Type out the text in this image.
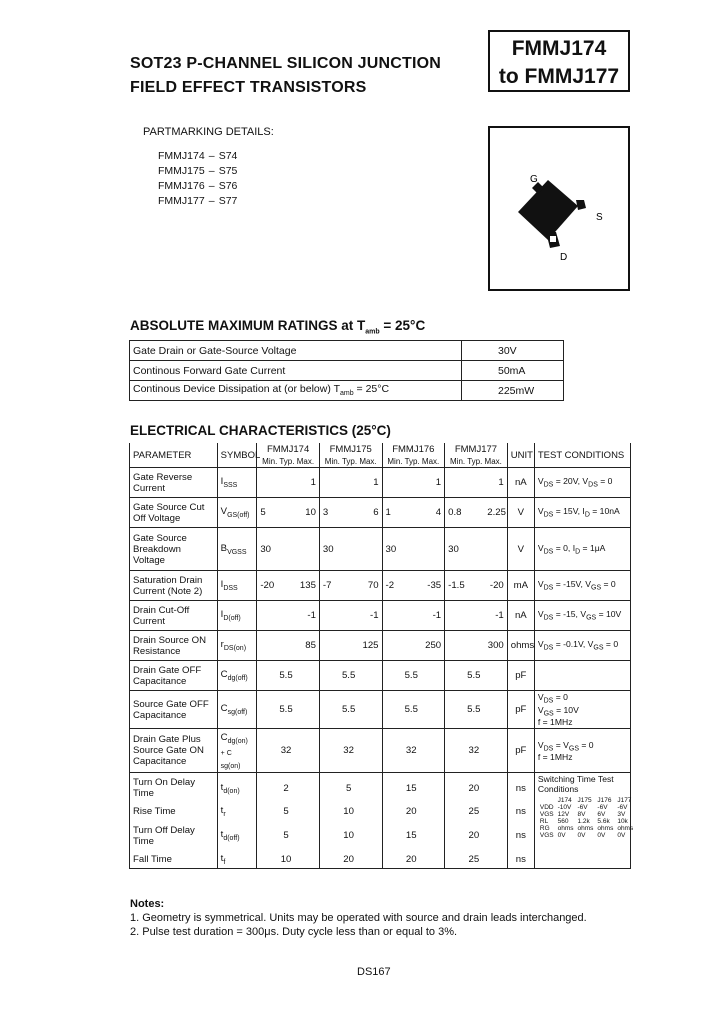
SOT23 P-CHANNEL SILICON JUNCTION
FIELD EFFECT TRANSISTORS
FMMJ174
to FMMJ177
PARTMARKING DETAILS:
FMMJ174 – S74
FMMJ175 – S75
FMMJ176 – S76
FMMJ177 – S77
G
S
D
ABSOLUTE MAXIMUM RATINGS at $T_{amb} = 25^\circ C$
Gate Drain or Gate-Source Voltage	30V
Continous Forward Gate Current	50mA
Continous Device Dissipation at (or below) $T_{amb} = 25^\circ C$	225mW
ELECTRICAL CHARACTERISTICS (25°C)
PARAMETER	SYMBOL	FMMJ174	FMMJ175	FMMJ176	FMMJ177	UNIT	TEST CONDITIONS
Min. Typ. Max.	Min. Typ. Max.	Min. Typ. Max.	Min. Typ. Max.
Gate Reverse Current	$I_{SSS}$			1			1			1			1	nA	$V_{DS} = 20V$, $V_{DS} = 0$
Gate Source Cut Off Voltage	$V_{GS(off)}$	5		10	3		6	1		4	0.8		2.25	V	$V_{DS} = 15V$, $I_D = 10nA$
Gate Source Breakdown Voltage	$B_{VGSS}$	30			30			30			30			V	$V_{DS} = 0$, $I_D = 1\mu A$
Saturation Drain Current (Note 2)	$I_{DSS}$	-20		135	-7		70	-2		-35	-1.5		-20	mA	$V_{DS} = -15V$, $V_{GS} = 0$
Drain Cut-Off Current	$I_{D(off)}$			-1			-1			-1			-1	nA	$V_{DS} = -15$, $V_{GS} = 10V$
Drain Source ON Resistance	$r_{DS(on)}$			85			125			250			300	ohms	$V_{DS} = -0.1V$, $V_{GS} = 0$
Drain Gate OFF Capacitance	$C_{dg(off)}$		5.5			5.5			5.5			5.5		pF	
Source Gate OFF Capacitance	$C_{sg(off)}$		5.5			5.5			5.5			5.5		pF	$V_{DS} = 0$
$V_{GS} = 10V$
f = 1MHz
Drain Gate Plus Source Gate ON Capacitance	$C_{dg(on) + C sg(on)}$		32			32			32			32		pF	$V_{DS} = V_{GS} = 0$
f = 1MHz
Turn On Delay Time	$t_{d(on)}$		2			5			15			20		ns	Switching Time Test Conditions
	J174	J175	J176	J177
VDD	-10V	-6V	-6V	-6V
VGS	12V	8V	6V	3V
RL	560	1.2k	5.6k	10k
RG	ohms	ohms	ohms	ohms
VGS	0V	0V	0V	0V

Rise Time	$t_r$		5			10			20			25		ns
Turn Off Delay Time	$t_{d(off)}$		5			10			15			20		ns
Fall Time	$t_f$		10			20			20			25		ns
Notes:
1. Geometry is symmetrical. Units may be operated with source and drain leads interchanged.
2. Pulse test duration = 300μs. Duty cycle less than or equal to 3%.
DS167
